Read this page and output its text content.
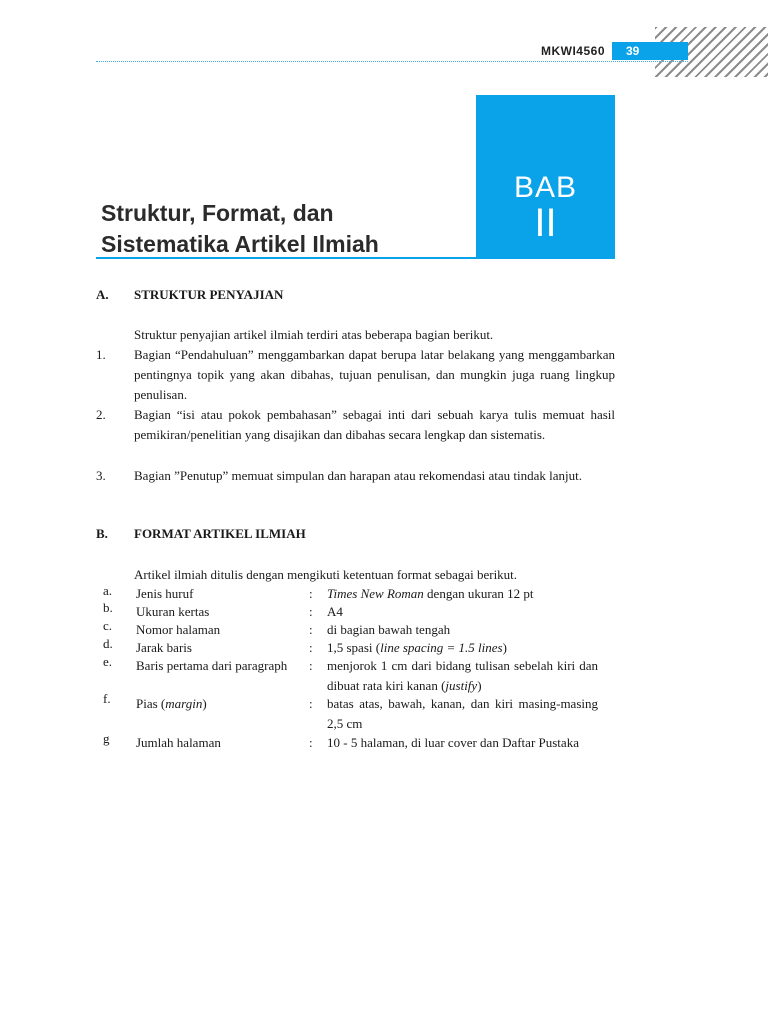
MKWI4560	39
BAB
II
Struktur, Format, dan
Sistematika Artikel Ilmiah
A. STRUKTUR PENYAJIAN
Struktur penyajian artikel ilmiah terdiri atas beberapa bagian berikut.
1. Bagian “Pendahuluan” menggambarkan dapat berupa latar belakang yang menggambarkan pentingnya topik yang akan dibahas, tujuan penulisan, dan mungkin juga ruang lingkup penulisan.
2. Bagian “isi atau pokok pembahasan” sebagai inti dari sebuah karya tulis memuat hasil pemikiran/penelitian yang disajikan dan dibahas secara lengkap dan sistematis.
3. Bagian ”Penutup” memuat simpulan dan harapan atau rekomendasi atau tindak lanjut.
B. FORMAT ARTIKEL ILMIAH
Artikel ilmiah ditulis dengan mengikuti ketentuan format sebagai berikut.
a. Jenis huruf	: Times New Roman dengan ukuran 12 pt
b. Ukuran kertas	: A4
c. Nomor halaman	: di bagian bawah tengah
d. Jarak baris	: 1,5 spasi (line spacing = 1.5 lines)
e. Baris pertama dari paragraph	: menjorok 1 cm dari bidang tulisan sebelah kiri dan dibuat rata kiri kanan (justify)
f. Pias (margin)	: batas atas, bawah, kanan, dan kiri masing-masing 2,5 cm
g Jumlah halaman	: 10 - 5 halaman, di luar cover dan Daftar Pustaka
